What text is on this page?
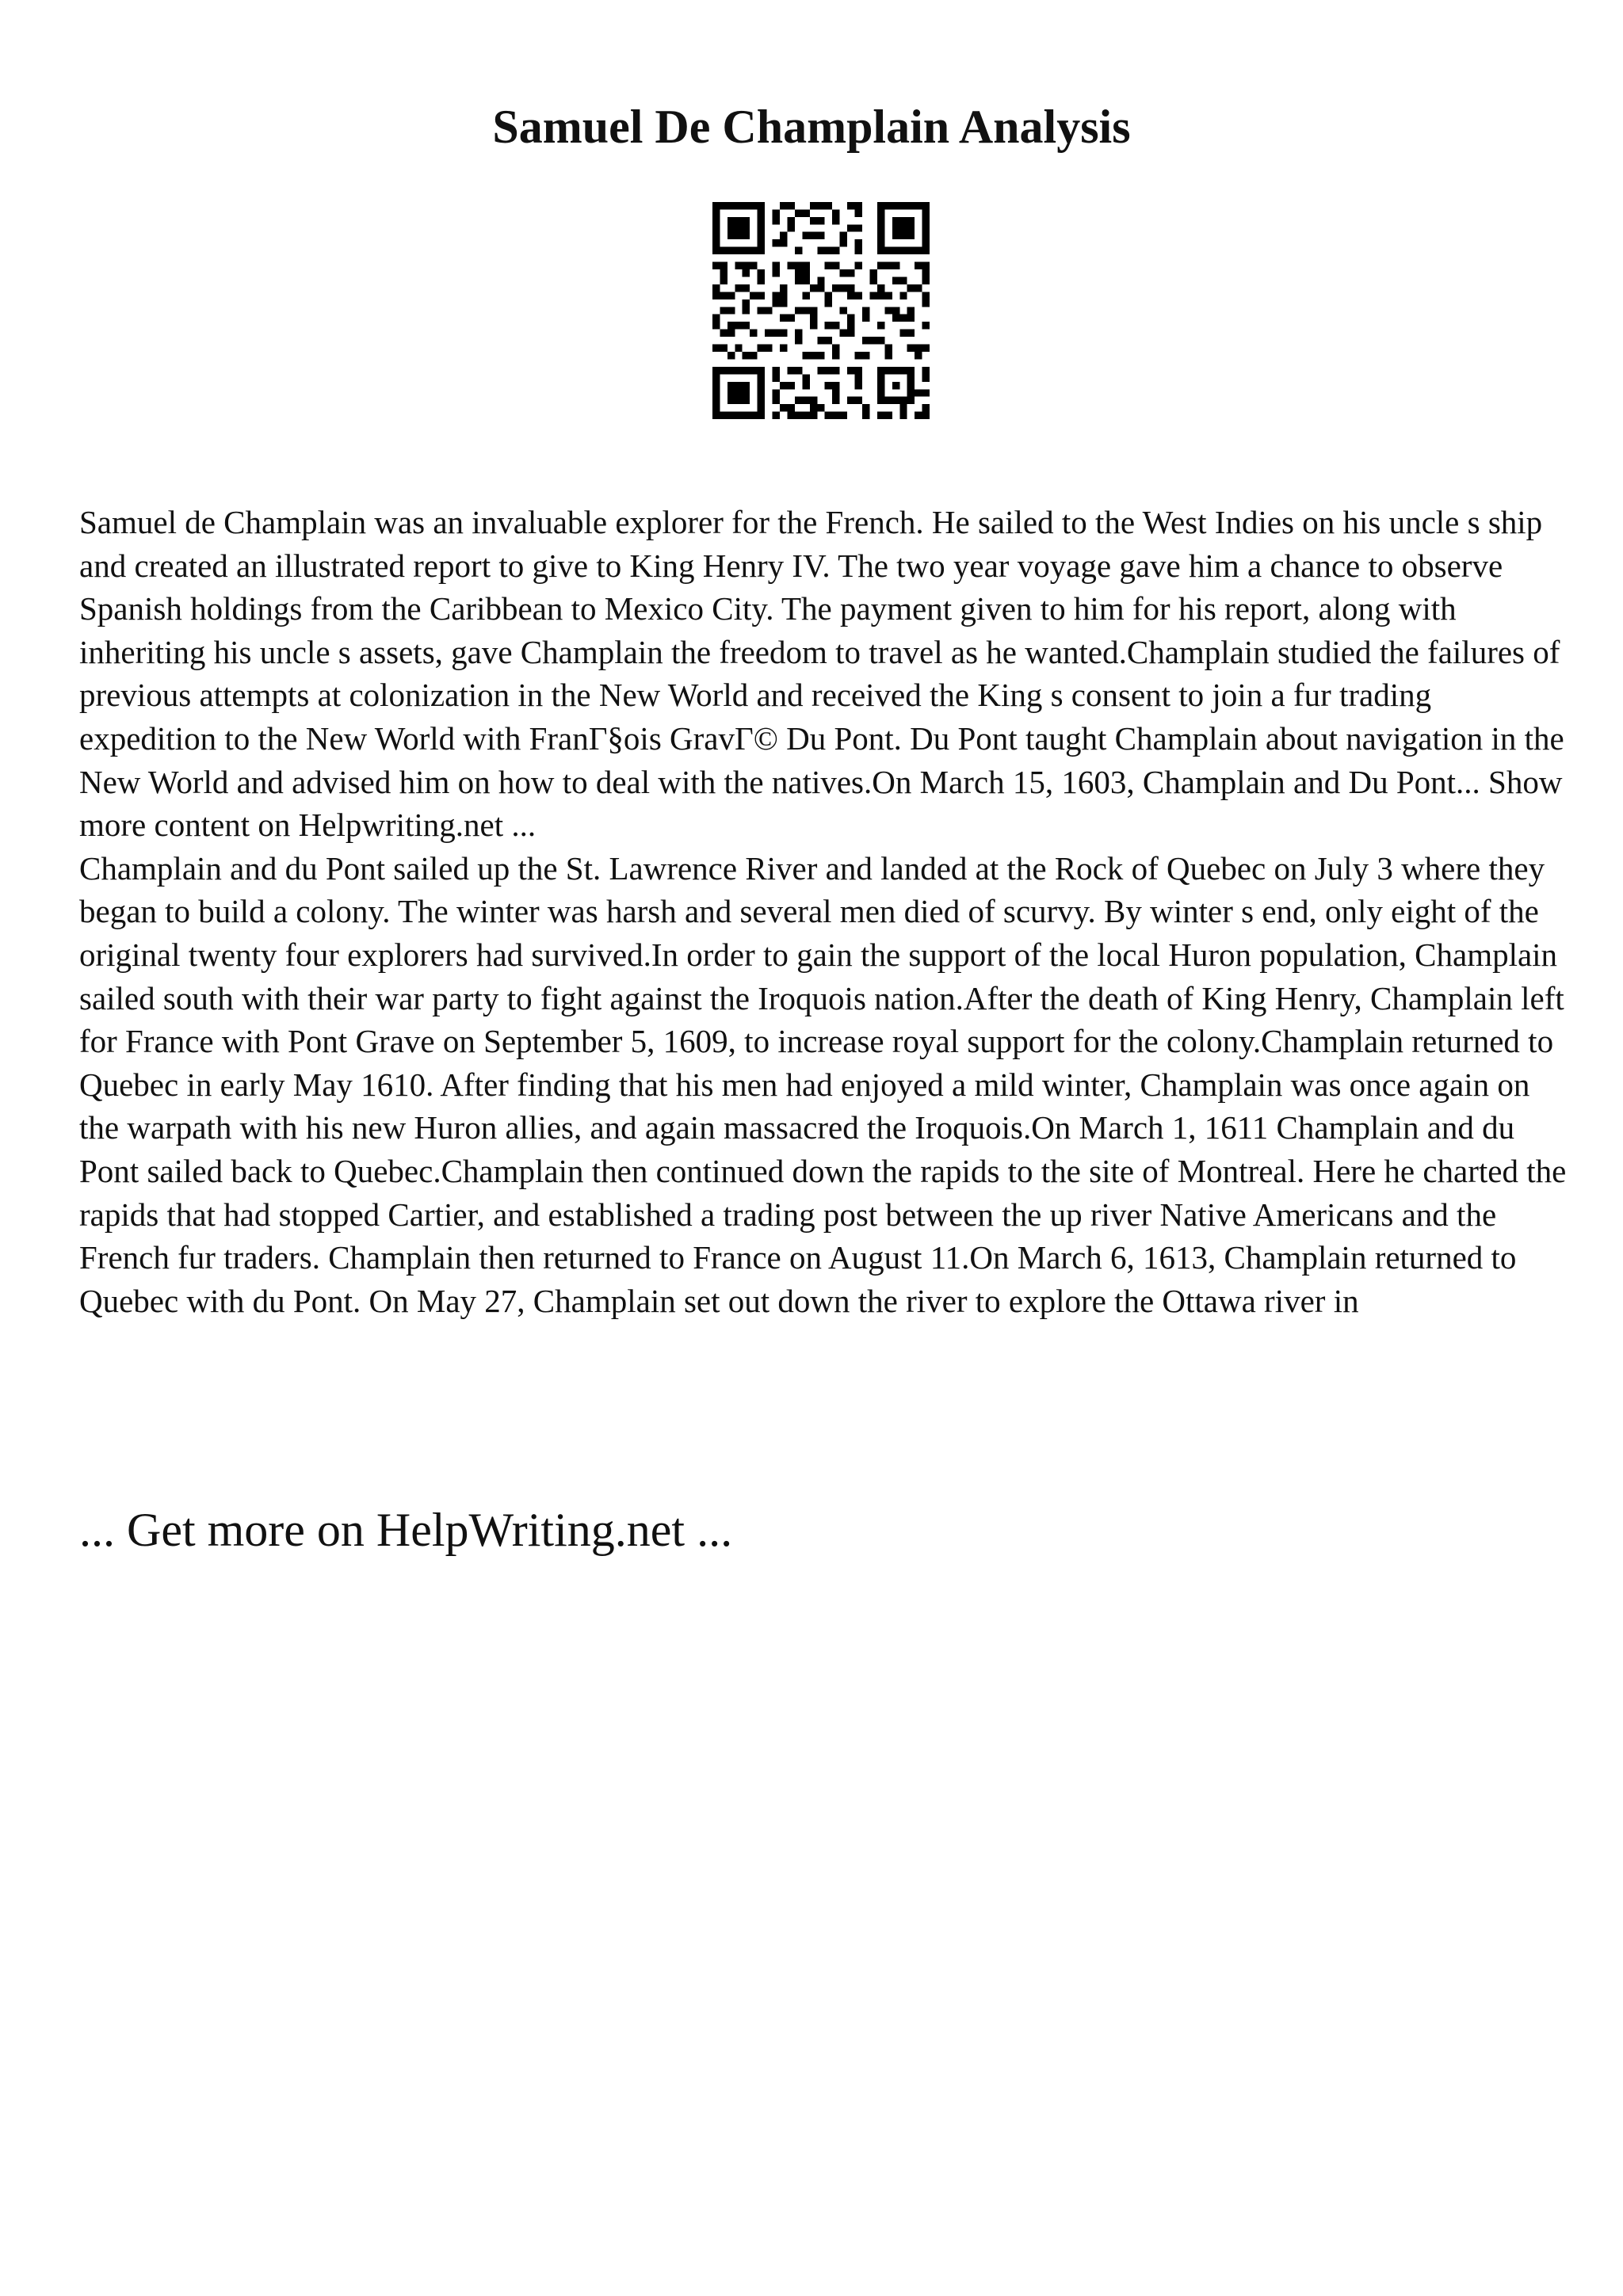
Samuel De Champlain Analysis

Samuel de Champlain was an invaluable explorer for the French. He sailed to the West Indies on his uncle s ship and created an illustrated report to give to King Henry IV. The two year voyage gave him a chance to observe Spanish holdings from the Caribbean to Mexico City. The payment given to him for his report, along with inheriting his uncle s assets, gave Champlain the freedom to travel as he wanted.Champlain studied the failures of previous attempts at colonization in the New World and received the King s consent to join a fur trading expedition to the New World with FranΓ§ois GravΓ© Du Pont. Du Pont taught Champlain about navigation in the New World and advised him on how to deal with the natives.On March 15, 1603, Champlain and Du Pont... Show more content on Helpwriting.net ...

Champlain and du Pont sailed up the St. Lawrence River and landed at the Rock of Quebec on July 3 where they began to build a colony. The winter was harsh and several men died of scurvy. By winter s end, only eight of the original twenty four explorers had survived.In order to gain the support of the local Huron population, Champlain sailed south with their war party to fight against the Iroquois nation.After the death of King Henry, Champlain left for France with Pont Grave on September 5, 1609, to increase royal support for the colony.Champlain returned to Quebec in early May 1610. After finding that his men had enjoyed a mild winter, Champlain was once again on the warpath with his new Huron allies, and again massacred the Iroquois.On March 1, 1611 Champlain and du Pont sailed back to Quebec.Champlain then continued down the rapids to the site of Montreal. Here he charted the rapids that had stopped Cartier, and established a trading post between the up river Native Americans and the French fur traders. Champlain then returned to France on August 11.On March 6, 1613, Champlain returned to Quebec with du Pont. On May 27, Champlain set out down the river to explore the Ottawa river in

... Get more on HelpWriting.net ...
